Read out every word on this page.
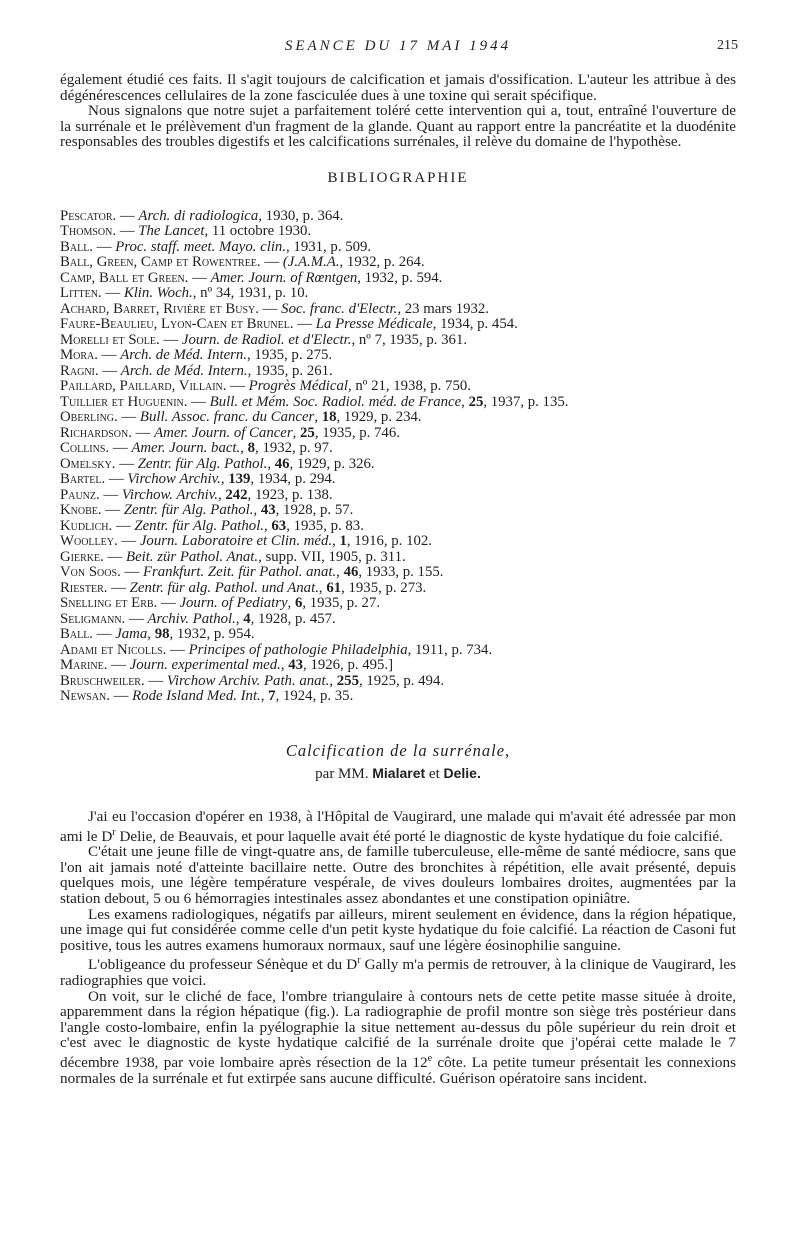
SEANCE DU 17 MAI 1944	215

également étudié ces faits. Il s'agit toujours de calcification et jamais d'ossification. L'auteur les attribue à des dégénérescences cellulaires de la zone fasciculée dues à une toxine qui serait spécifique.

Nous signalons que notre sujet a parfaitement toléré cette intervention qui a, tout, entraîné l'ouverture de la surrénale et le prélèvement d'un fragment de la glande. Quant au rapport entre la pancréatite et la duodénite responsables des troubles digestifs et les calcifications surrénales, il relève du domaine de l'hypothèse.

BIBLIOGRAPHIE
Pescator. — Arch. di radiologica, 1930, p. 364.
Thomson. — The Lancet, 11 octobre 1930.
Ball. — Proc. staff. meet. Mayo. clin., 1931, p. 509.
Ball, Green, Camp et Rowentree. — (J.A.M.A., 1932, p. 264.
Camp, Ball et Green. — Amer. Journ. of Rœntgen, 1932, p. 594.
Litten. — Klin. Woch., nº 34, 1931, p. 10.
Achard, Barret, Rivière et Busy. — Soc. franc. d'Electr., 23 mars 1932.
Faure-Beaulieu, Lyon-Caen et Brunel. — La Presse Médicale, 1934, p. 454.
Morelli et Sole. — Journ. de Radiol. et d'Electr., nº 7, 1935, p. 361.
Mora. — Arch. de Méd. Intern., 1935, p. 275.
Ragni. — Arch. de Méd. Intern., 1935, p. 261.
Paillard, Paillard, Villain. — Progrès Médical, nº 21, 1938, p. 750.
Tuillier et Huguenin. — Bull. et Mém. Soc. Radiol. méd. de France, 25, 1937, p. 135.
Oberling. — Bull. Assoc. franc. du Cancer, 18, 1929, p. 234.
Richardson. — Amer. Journ. of Cancer, 25, 1935, p. 746.
Collins. — Amer. Journ. bact., 8, 1932, p. 97.
Omelsky. — Zentr. für Alg. Pathol., 46, 1929, p. 326.
Bartel. — Virchow Archiv., 139, 1934, p. 294.
Paunz. — Virchow. Archiv., 242, 1923, p. 138.
Knobe. — Zentr. für Alg. Pathol., 43, 1928, p. 57.
Kudlich. — Zentr. für Alg. Pathol., 63, 1935, p. 83.
Woolley. — Journ. Laboratoire et Clin. méd., 1, 1916, p. 102.
Gierke. — Beit. zür Pathol. Anat., supp. VII, 1905, p. 311.
Von Soos. — Frankfurt. Zeit. für Pathol. anat., 46, 1933, p. 155.
Riester. — Zentr. für alg. Pathol. und Anat., 61, 1935, p. 273.
Snelling et Erb. — Journ. of Pediatry, 6, 1935, p. 27.
Seligmann. — Archiv. Pathol., 4, 1928, p. 457.
Ball. — Jama, 98, 1932, p. 954.
Adami et Nicolls. — Principes of pathologie Philadelphia, 1911, p. 734.
Marine. — Journ. experimental med., 43, 1926, p. 495.]
Bruschweiler. — Virchow Archiv. Path. anat., 255, 1925, p. 494.
Newsan. — Rode Island Med. Int., 7, 1924, p. 35.
Calcification de la surrénale,
par MM. Mialaret et Delie.

J'ai eu l'occasion d'opérer en 1938, à l'Hôpital de Vaugirard, une malade qui m'avait été adressée par mon ami le $D^r$ Delie, de Beauvais, et pour laquelle avait été porté le diagnostic de kyste hydatique du foie calcifié.

C'était une jeune fille de vingt-quatre ans, de famille tuberculeuse, elle-même de santé médiocre, sans que l'on ait jamais noté d'atteinte bacillaire nette. Outre des bronchites à répétition, elle avait présenté, depuis quelques mois, une légère température vespérale, de vives douleurs lombaires droites, augmentées par la station debout, 5 ou 6 hémorragies intestinales assez abondantes et une constipation opiniâtre.

Les examens radiologiques, négatifs par ailleurs, mirent seulement en évidence, dans la région hépatique, une image qui fut considérée comme celle d'un petit kyste hydatique du foie calcifié. La réaction de Casoni fut positive, tous les autres examens humoraux normaux, sauf une légère éosinophilie sanguine.

L'obligeance du professeur Sénèque et du $D^r$ Gally m'a permis de retrouver, à la clinique de Vaugirard, les radiographies que voici.

On voit, sur le cliché de face, l'ombre triangulaire à contours nets de cette petite masse située à droite, apparemment dans la région hépatique (fig.). La radiographie de profil montre son siège très postérieur dans l'angle costo-lombaire, enfin la pyélographie la situe nettement au-dessus du pôle supérieur du rein droit et c'est avec le diagnostic de kyste hydatique calcifié de la surrénale droite que j'opérai cette malade le 7 décembre 1938, par voie lombaire après résection de la 12e côte. La petite tumeur présentait les connexions normales de la surrénale et fut extirpée sans aucune difficulté. Guérison opératoire sans incident.
